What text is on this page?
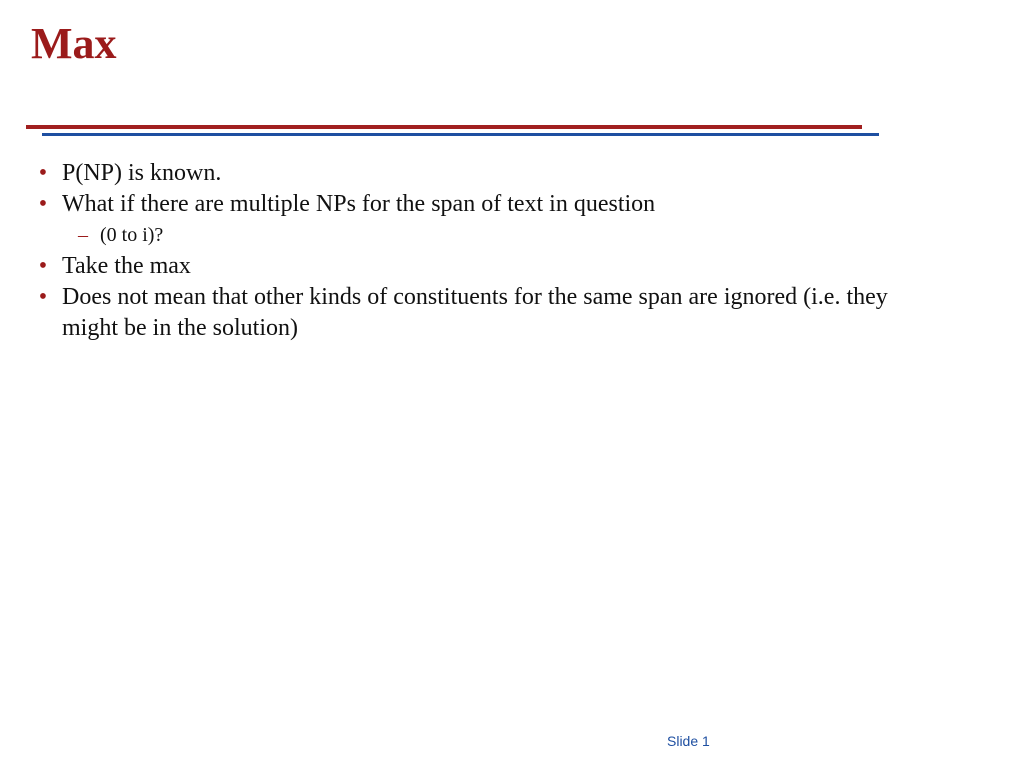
Max
• P(NP) is known.
• What if there are multiple NPs for the span of text in question
– (0 to i)?
• Take the max
• Does not mean that other kinds of constituents for the same span are ignored (i.e. they might be in the solution)
Slide 1
